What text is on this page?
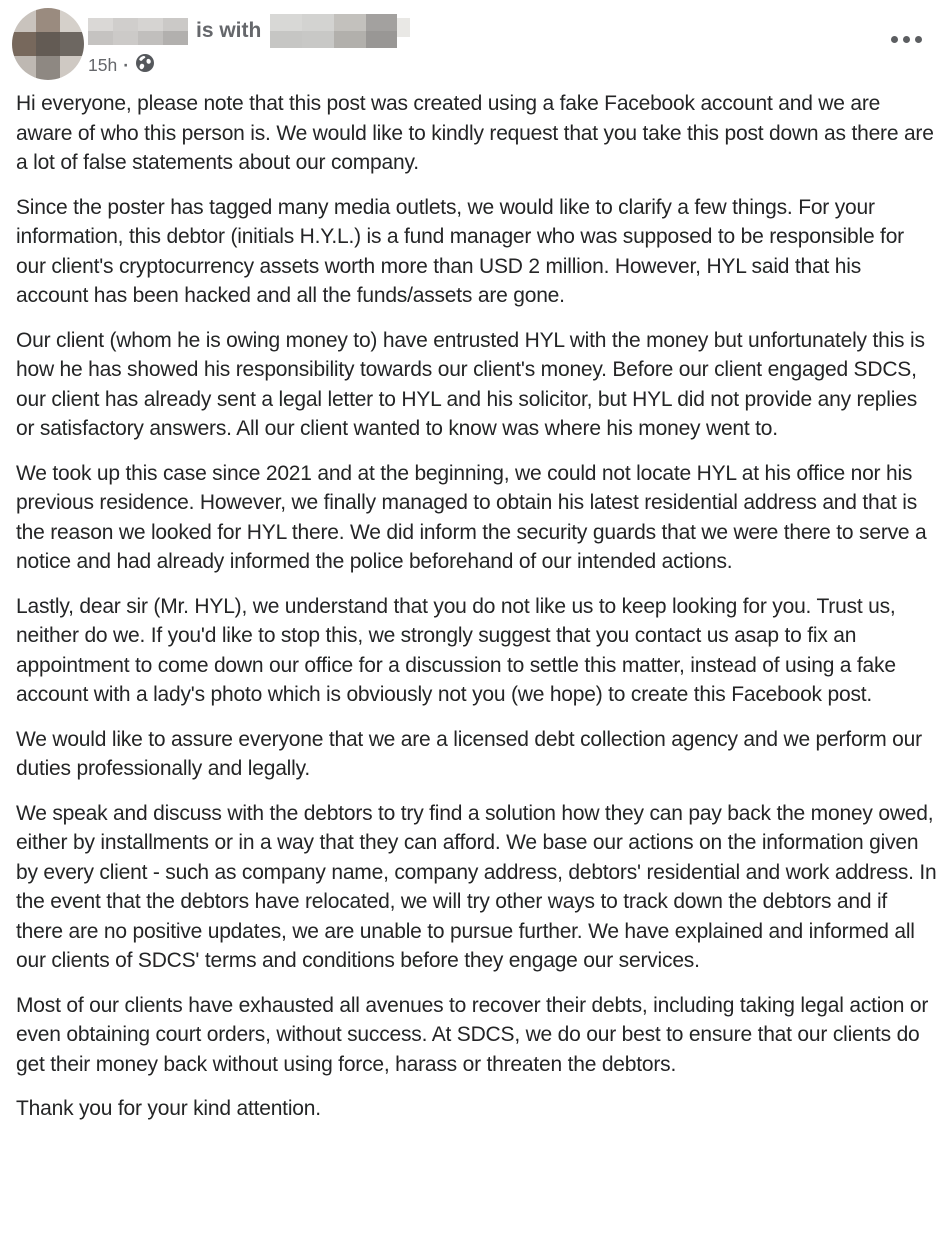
is with
15h ·

Hi everyone, please note that this post was created using a fake Facebook account and we are aware of who this person is. We would like to kindly request that you take this post down as there are a lot of false statements about our company.

Since the poster has tagged many media outlets, we would like to clarify a few things. For your information, this debtor (initials H.Y.L.) is a fund manager who was supposed to be responsible for our client's cryptocurrency assets worth more than USD 2 million. However, HYL said that his account has been hacked and all the funds/assets are gone.

Our client (whom he is owing money to) have entrusted HYL with the money but unfortunately this is how he has showed his responsibility towards our client's money. Before our client engaged SDCS, our client has already sent a legal letter to HYL and his solicitor, but HYL did not provide any replies or satisfactory answers. All our client wanted to know was where his money went to.

We took up this case since 2021 and at the beginning, we could not locate HYL at his office nor his previous residence. However, we finally managed to obtain his latest residential address and that is the reason we looked for HYL there. We did inform the security guards that we were there to serve a notice and had already informed the police beforehand of our intended actions.

Lastly, dear sir (Mr. HYL), we understand that you do not like us to keep looking for you. Trust us, neither do we. If you'd like to stop this, we strongly suggest that you contact us asap to fix an appointment to come down our office for a discussion to settle this matter, instead of using a fake account with a lady's photo which is obviously not you (we hope) to create this Facebook post.

We would like to assure everyone that we are a licensed debt collection agency and we perform our duties professionally and legally.

We speak and discuss with the debtors to try find a solution how they can pay back the money owed, either by installments or in a way that they can afford. We base our actions on the information given by every client - such as company name, company address, debtors' residential and work address. In the event that the debtors have relocated, we will try other ways to track down the debtors and if there are no positive updates, we are unable to pursue further. We have explained and informed all our clients of SDCS' terms and conditions before they engage our services.

Most of our clients have exhausted all avenues to recover their debts, including taking legal action or even obtaining court orders, without success. At SDCS, we do our best to ensure that our clients do get their money back without using force, harass or threaten the debtors.

Thank you for your kind attention.
